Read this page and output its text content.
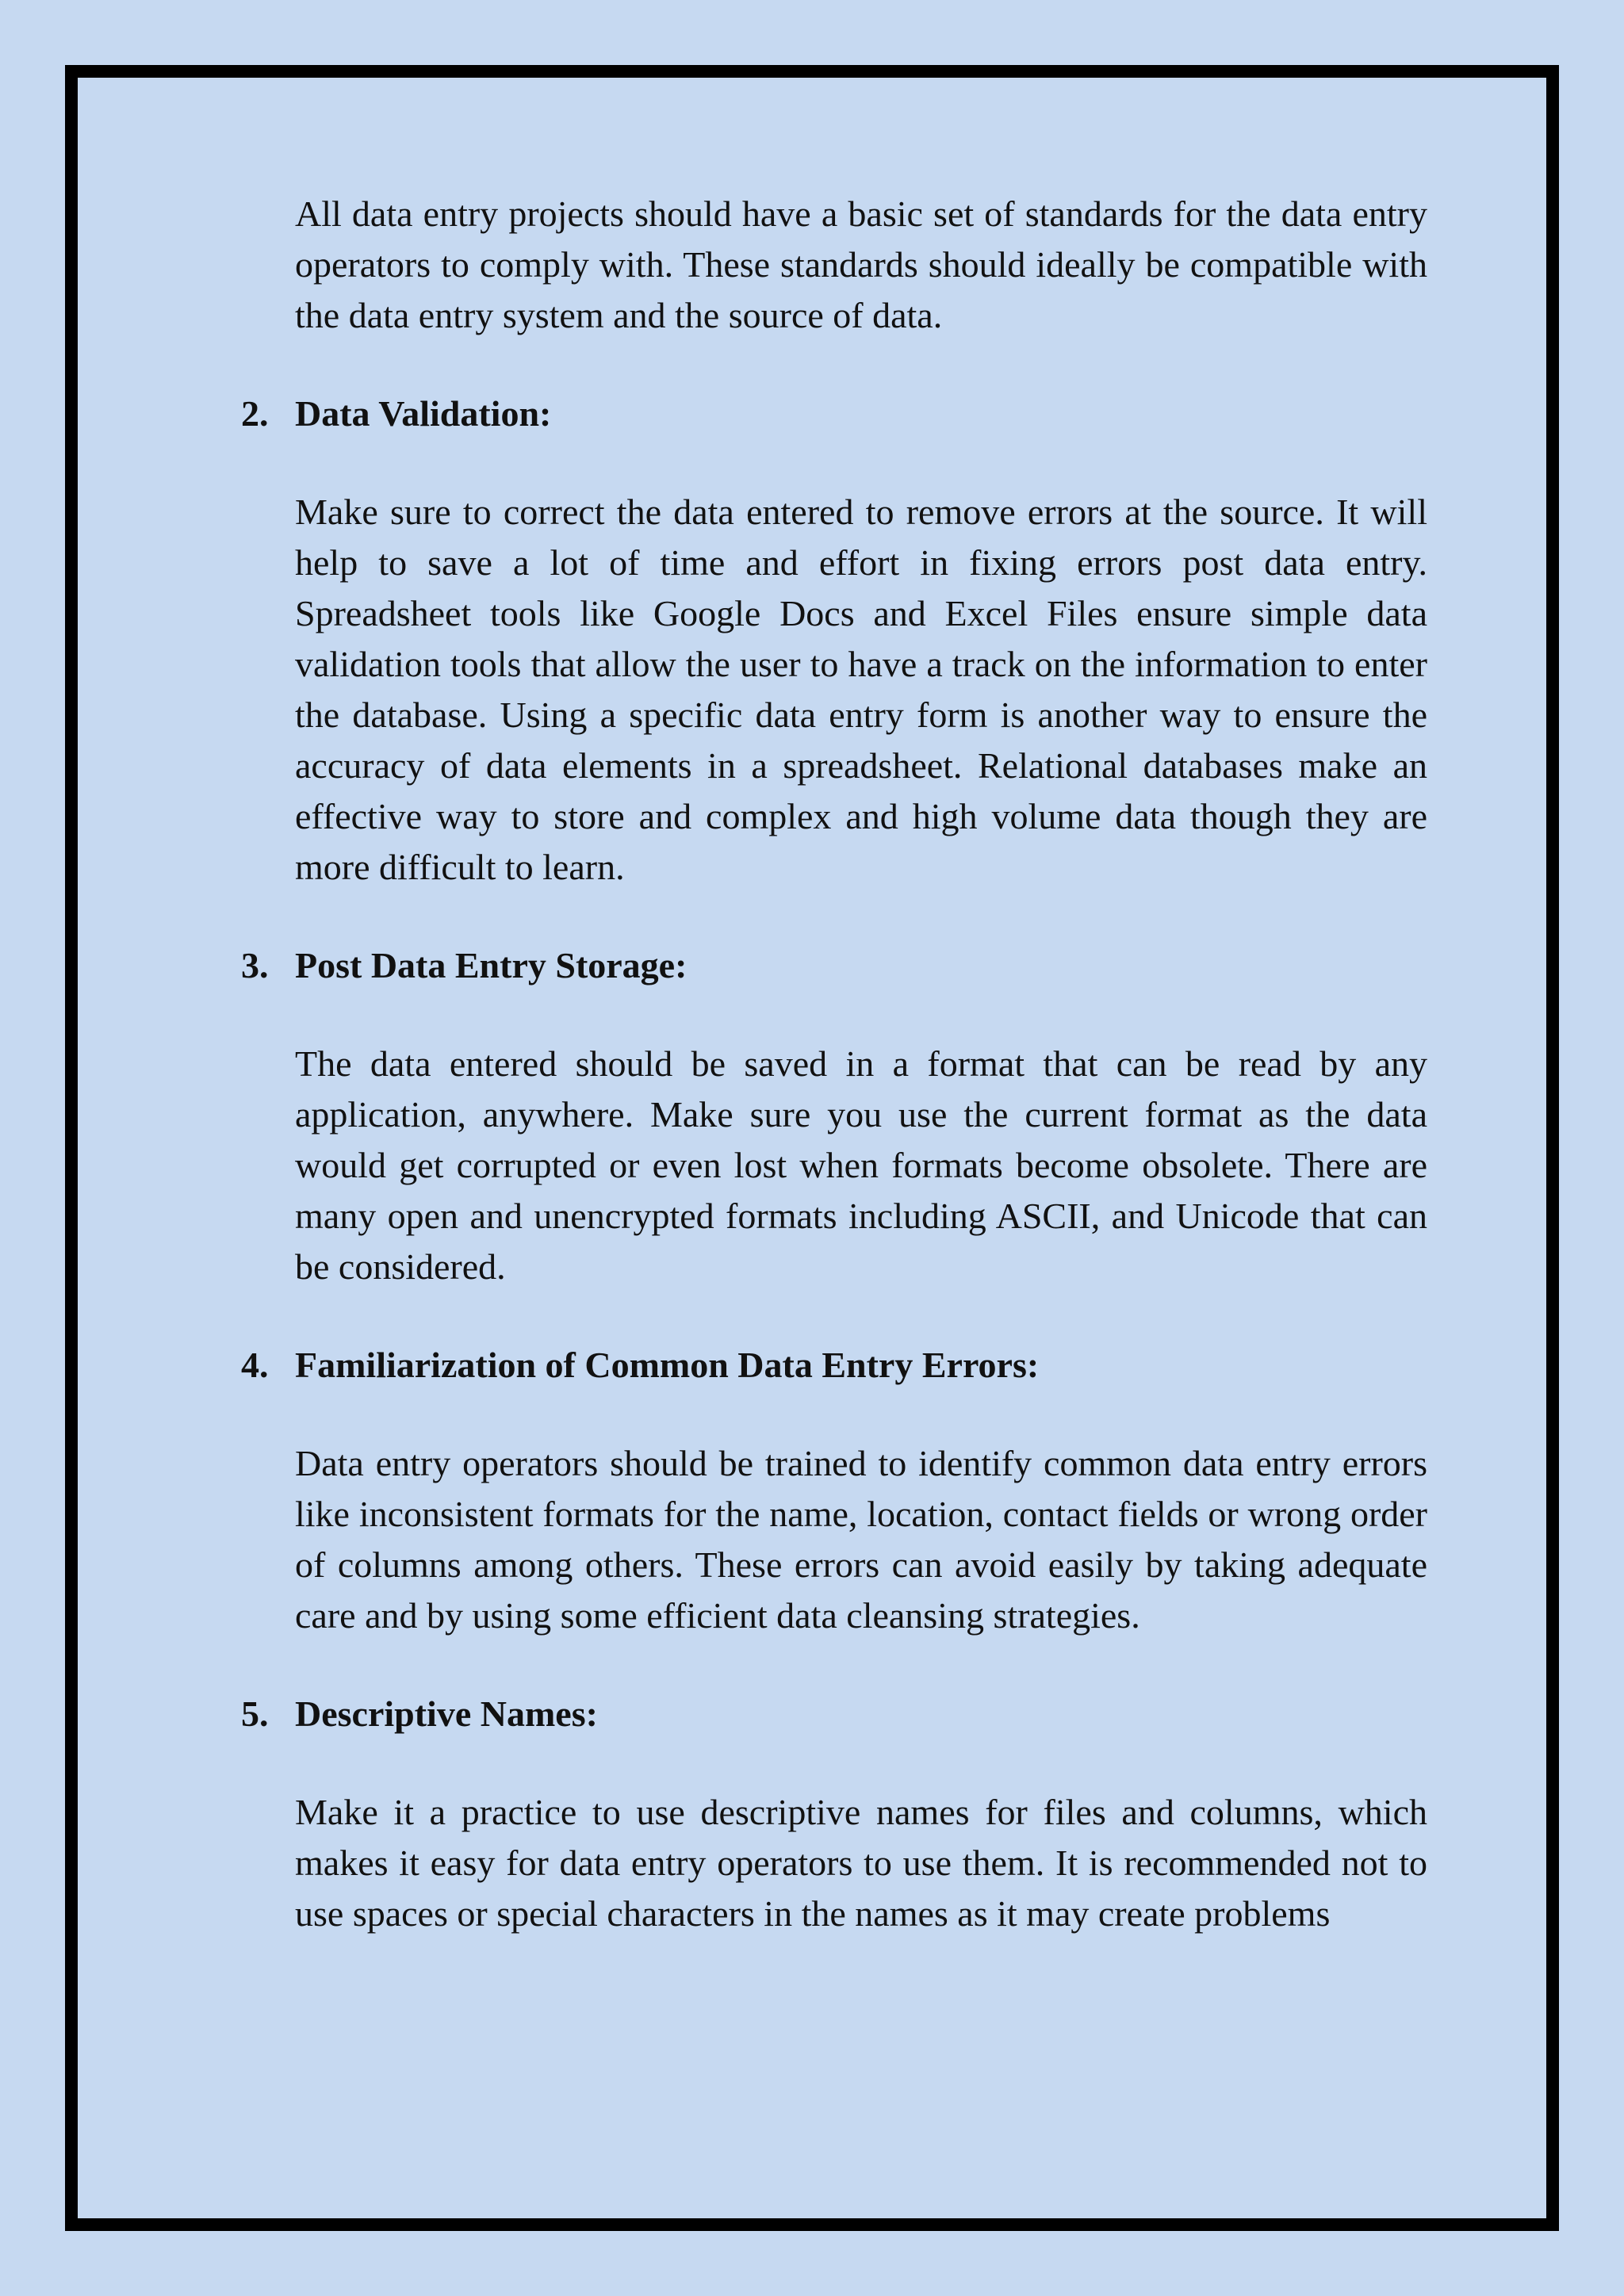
All data entry projects should have a basic set of standards for the data entry operators to comply with. These standards should ideally be compatible with the data entry system and the source of data.

2. Data Validation:

Make sure to correct the data entered to remove errors at the source. It will help to save a lot of time and effort in fixing errors post data entry. Spreadsheet tools like Google Docs and Excel Files ensure simple data validation tools that allow the user to have a track on the information to enter the database. Using a specific data entry form is another way to ensure the accuracy of data elements in a spreadsheet. Relational databases make an effective way to store and complex and high volume data though they are more difficult to learn.

3. Post Data Entry Storage:

The data entered should be saved in a format that can be read by any application, anywhere. Make sure you use the current format as the data would get corrupted or even lost when formats become obsolete. There are many open and unencrypted formats including ASCII, and Unicode that can be considered.

4. Familiarization of Common Data Entry Errors:

Data entry operators should be trained to identify common data entry errors like inconsistent formats for the name, location, contact fields or wrong order of columns among others. These errors can avoid easily by taking adequate care and by using some efficient data cleansing strategies.

5. Descriptive Names:

Make it a practice to use descriptive names for files and columns, which makes it easy for data entry operators to use them. It is recommended not to use spaces or special characters in the names as it may create problems
